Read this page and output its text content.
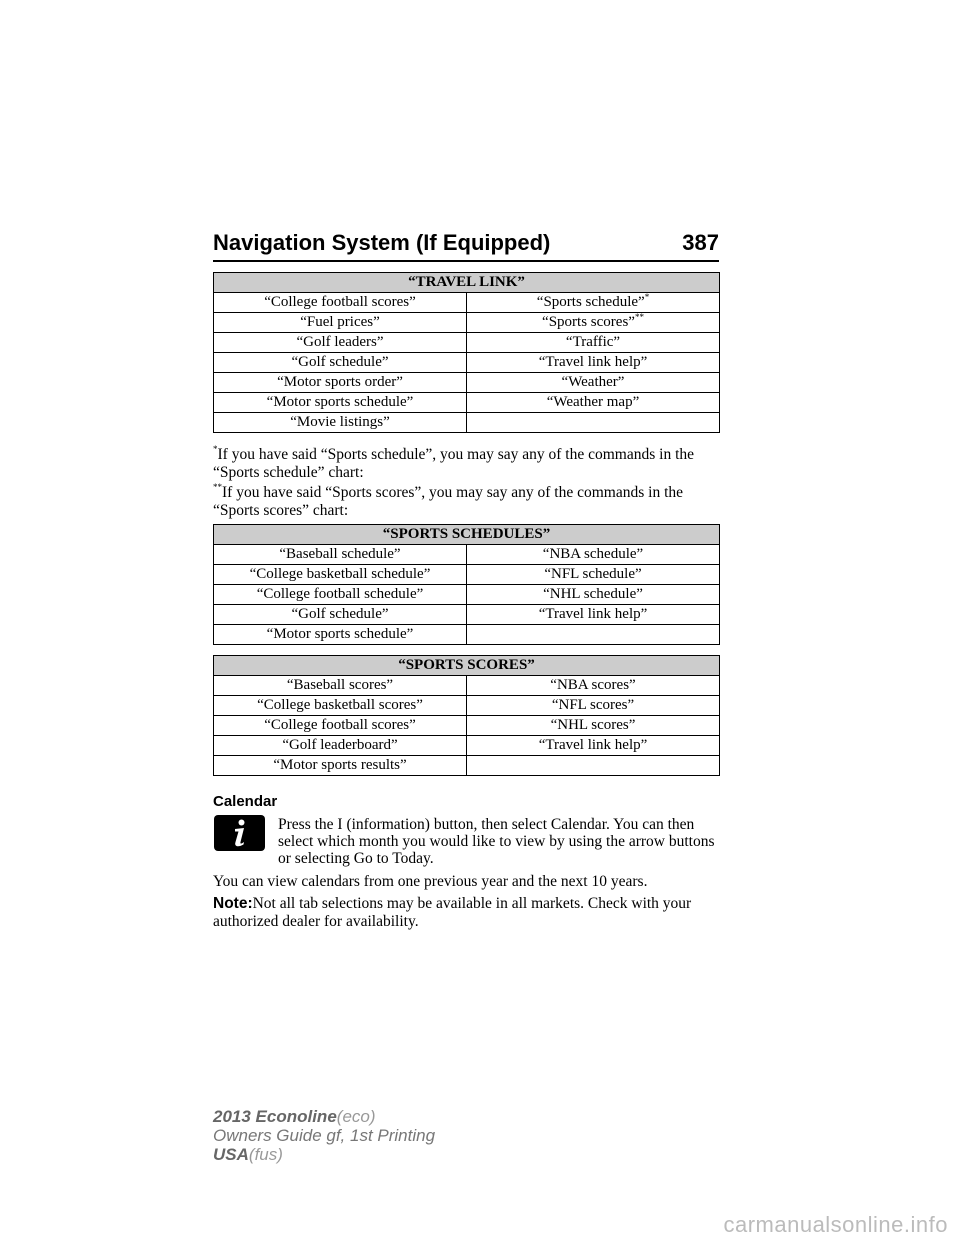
Navigation System (If Equipped)	387
“TRAVEL LINK”	
“College football scores”	“Sports schedule”*
“Fuel prices”	“Sports scores”**
“Golf leaders”	“Traffic”
“Golf schedule”	“Travel link help”
“Motor sports order”	“Weather”
“Motor sports schedule”	“Weather map”
“Movie listings”	
*If you have said “Sports schedule”, you may say any of the commands in the “Sports schedule” chart:
**If you have said “Sports scores”, you may say any of the commands in the “Sports scores” chart:
“SPORTS SCHEDULES”	
“Baseball schedule”	“NBA schedule”
“College basketball schedule”	“NFL schedule”
“College football schedule”	“NHL schedule”
“Golf schedule”	“Travel link help”
“Motor sports schedule”	
“SPORTS SCORES”	
“Baseball scores”	“NBA scores”
“College basketball scores”	“NFL scores”
“College football scores”	“NHL scores”
“Golf leaderboard”	“Travel link help”
“Motor sports results”	
Calendar
Press the I (information) button, then select Calendar. You can then select which month you would like to view by using the arrow buttons or selecting Go to Today.
You can view calendars from one previous year and the next 10 years.
Note:Not all tab selections may be available in all markets. Check with your authorized dealer for availability.
2013 Econoline(eco)
Owners Guide gf, 1st Printing
USA(fus)
carmanualsonline.info
